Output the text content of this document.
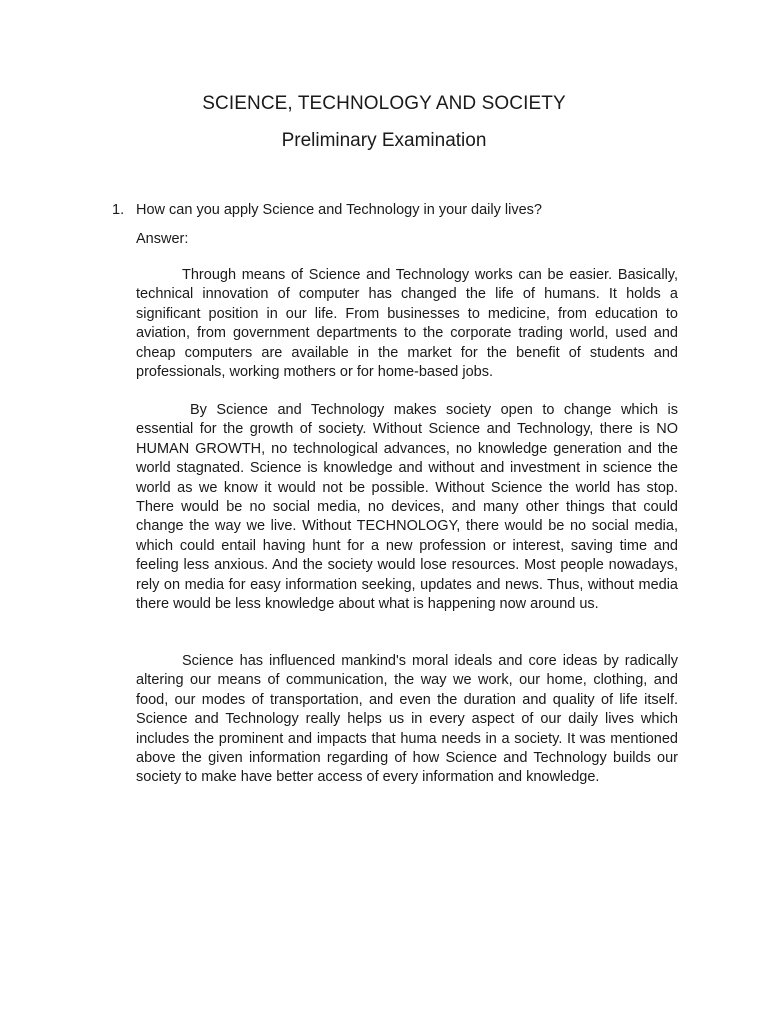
SCIENCE, TECHNOLOGY AND SOCIETY
Preliminary Examination
1. How can you apply Science and Technology in your daily lives?
Answer:

Through means of Science and Technology works can be easier. Basically, technical innovation of computer has changed the life of humans. It holds a significant position in our life. From businesses to medicine, from education to aviation, from government departments to the corporate trading world, used and cheap computers are available in the market for the benefit of students and professionals, working mothers or for home-based jobs.

By Science and Technology makes society open to change which is essential for the growth of society. Without Science and Technology, there is NO HUMAN GROWTH, no technological advances, no knowledge generation and the world stagnated. Science is knowledge and without and investment in science the world as we know it would not be possible. Without Science the world has stop. There would be no social media, no devices, and many other things that could change the way we live. Without TECHNOLOGY, there would be no social media, which could entail having hunt for a new profession or interest, saving time and feeling less anxious. And the society would lose resources. Most people nowadays, rely on media for easy information seeking, updates and news. Thus, without media there would be less knowledge about what is happening now around us.

Science has influenced mankind's moral ideals and core ideas by radically altering our means of communication, the way we work, our home, clothing, and food, our modes of transportation, and even the duration and quality of life itself. Science and Technology really helps us in every aspect of our daily lives which includes the prominent and impacts that huma needs in a society. It was mentioned above the given information regarding of how Science and Technology builds our society to make have better access of every information and knowledge.
